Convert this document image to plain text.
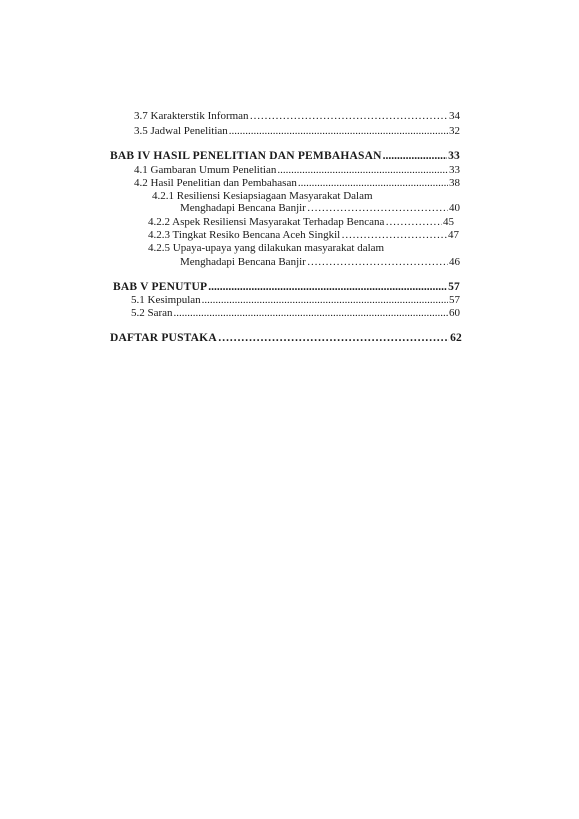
3.7 Karakterstik Informan …………………………………………………………………………………………………………………………………………………………………	34
3.5 Jadwal Penelitian .....	32
BAB IV HASIL PENELITIAN DAN PEMBAHASAN .....	33
4.1 Gambaran Umum Penelitian .....	33
4.2 Hasil Penelitian dan Pembahasan .....	38
4.2.1 Resiliensi Kesiapsiagaan Masyarakat Dalam
Menghadapi Bencana Banjir …………………………………………………………………………………………………………………………………………………………………	40
4.2.2 Aspek Resiliensi Masyarakat Terhadap Bencana …………………………………………………………………………………………………………………………………………………………………	45
4.2.3 Tingkat Resiko Bencana Aceh Singkil …………………………………………………………………………………………………………………………………………………………………	47
4.2.5 Upaya-upaya yang dilakukan masyarakat dalam
Menghadapi Bencana Banjir …………………………………………………………………………………………………………………………………………………………………	46
BAB V PENUTUP .....	57
5.1 Kesimpulan .....	57
5.2 Saran .....	60
DAFTAR PUSTAKA …………………………………………………………………………………………………………………………………………………………………	62
